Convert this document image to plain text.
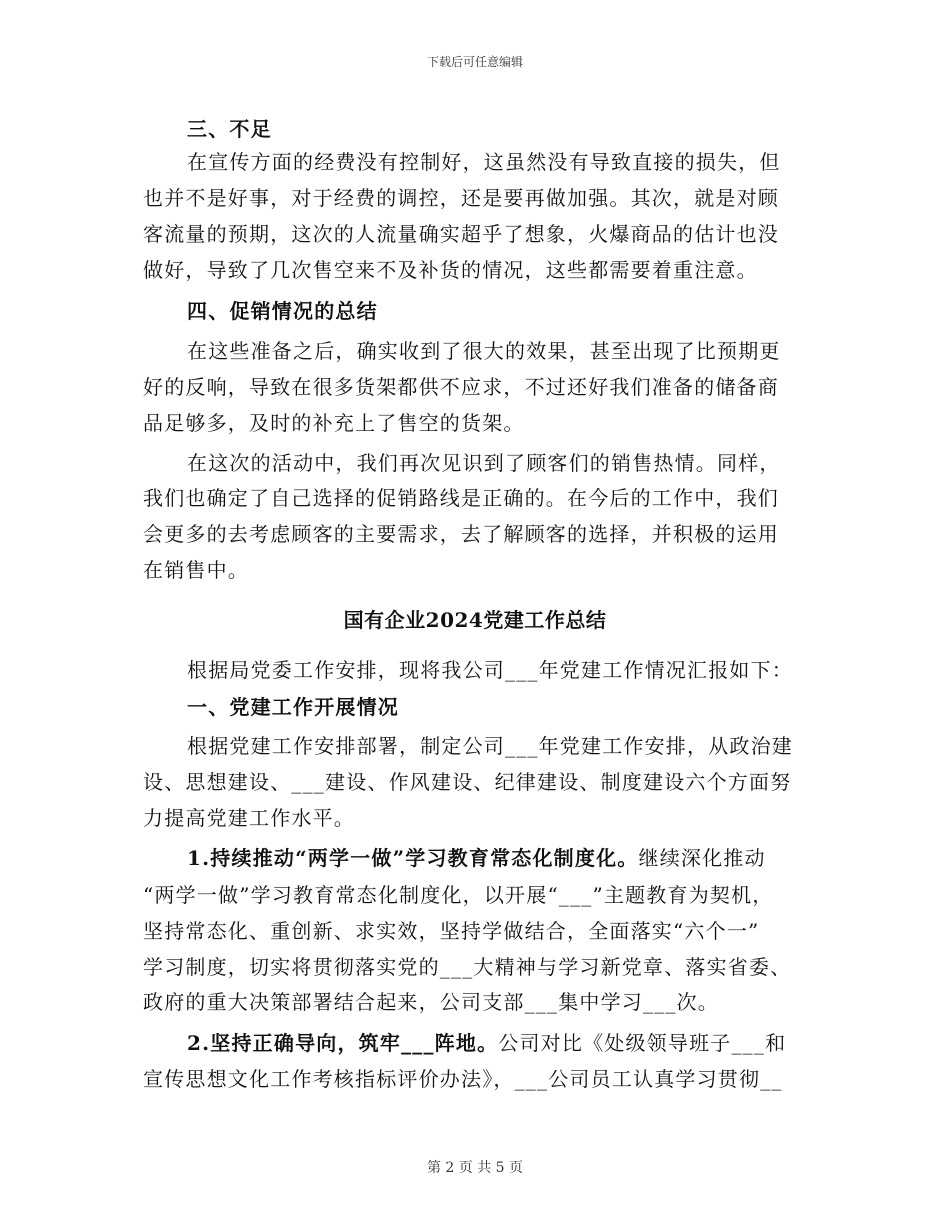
下载后可任意编辑
三、不足
在宣传方面的经费没有控制好，这虽然没有导致直接的损失，但
也并不是好事，对于经费的调控，还是要再做加强。其次，就是对顾
客流量的预期，这次的人流量确实超乎了想象，火爆商品的估计也没
做好，导致了几次售空来不及补货的情况，这些都需要着重注意。
四、促销情况的总结
在这些准备之后，确实收到了很大的效果，甚至出现了比预期更
好的反响，导致在很多货架都供不应求，不过还好我们准备的储备商
品足够多，及时的补充上了售空的货架。
在这次的活动中，我们再次见识到了顾客们的销售热情。同样，
我们也确定了自己选择的促销路线是正确的。在今后的工作中，我们
会更多的去考虑顾客的主要需求，去了解顾客的选择，并积极的运用
在销售中。
国有企业2024党建工作总结
根据局党委工作安排，现将我公司___年党建工作情况汇报如下：
一、党建工作开展情况
根据党建工作安排部署，制定公司___年党建工作安排，从政治建
设、思想建设、___建设、作风建设、纪律建设、制度建设六个方面努
力提高党建工作水平。
1.持续推动“两学一做”学习教育常态化制度化。继续深化推动
“两学一做”学习教育常态化制度化，以开展“___”主题教育为契机，
坚持常态化、重创新、求实效，坚持学做结合，全面落实“六个一”
学习制度，切实将贯彻落实党的___大精神与学习新党章、落实省委、
政府的重大决策部署结合起来，公司支部___集中学习___次。
2.坚持正确导向，筑牢___阵地。公司对比《处级领导班子___和
宣传思想文化工作考核指标评价办法》，___公司员工认真学习贯彻__
第 2 页 共 5 页
